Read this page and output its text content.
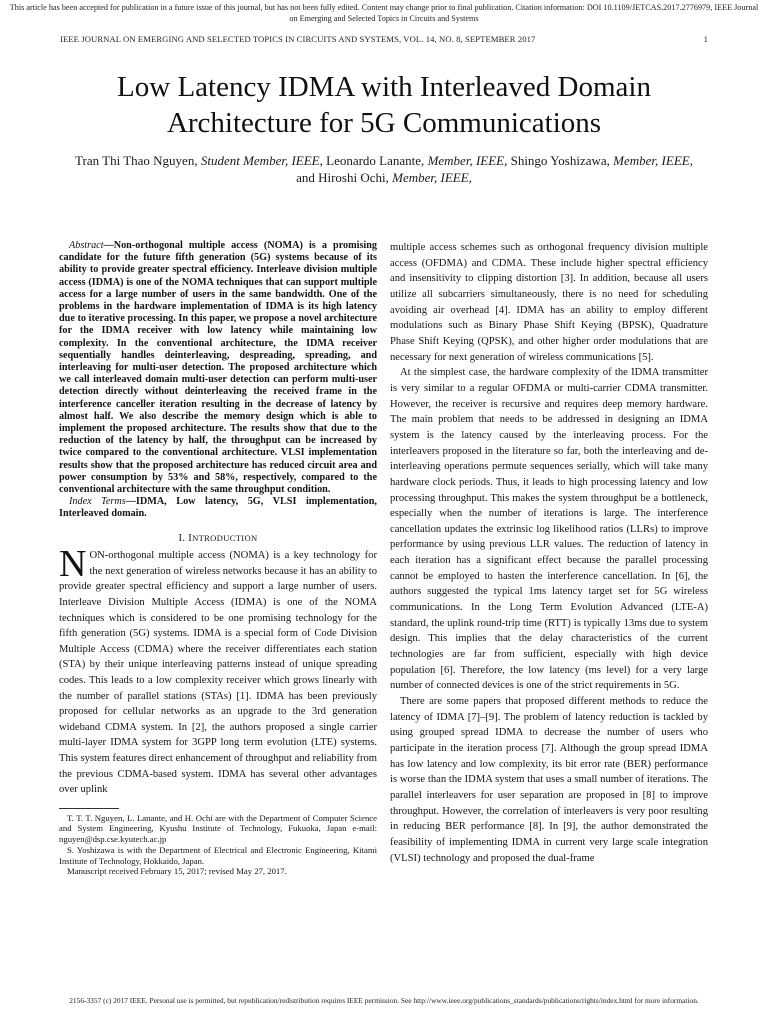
This article has been accepted for publication in a future issue of this journal, but has not been fully edited. Content may change prior to final publication. Citation information: DOI 10.1109/JETCAS.2017.2776979, IEEE Journal
on Emerging and Selected Topics in Circuits and Systems
IEEE JOURNAL ON EMERGING AND SELECTED TOPICS IN CIRCUITS AND SYSTEMS, VOL. 14, NO. 8, SEPTEMBER 2017	1
Low Latency IDMA with Interleaved Domain
Architecture for 5G Communications
Tran Thi Thao Nguyen, Student Member, IEEE, Leonardo Lanante, Member, IEEE, Shingo Yoshizawa, Member, IEEE, and Hiroshi Ochi, Member, IEEE,

Abstract—Non-orthogonal multiple access (NOMA) is a promising candidate for the future fifth generation (5G) systems because of its ability to provide greater spectral efficiency. Interleave division multiple access (IDMA) is one of the NOMA techniques that can support multiple access for a large number of users in the same bandwidth. One of the problems in the hardware implementation of IDMA is its high latency due to iterative processing. In this paper, we propose a novel architecture for the IDMA receiver with low latency while maintaining low complexity. In the conventional architecture, the IDMA receiver sequentially handles deinterleaving, despreading, spreading, and interleaving for multi-user detection. The proposed architecture which we call interleaved domain multi-user detection can perform multi-user detection directly without deinterleaving the received frame in the interference canceller iteration resulting in the decrease of latency by almost half. We also describe the memory design which is able to implement the proposed architecture. The results show that due to the reduction of the latency by half, the throughput can be increased by twice compared to the conventional architecture. VLSI implementation results show that the proposed architecture has reduced circuit area and power consumption by 53% and 58%, respectively, compared to the conventional architecture with the same throughput condition.

Index Terms—IDMA, Low latency, 5G, VLSI implementation, Interleaved domain.

I. INTRODUCTION

NON-orthogonal multiple access (NOMA) is a key technology for the next generation of wireless networks because it has an ability to provide greater spectral efficiency and support a large number of users. Interleave Division Multiple Access (IDMA) is one of the NOMA techniques which is considered to be one promising technology for the fifth generation (5G) systems. IDMA is a special form of Code Division Multiple Access (CDMA) where the receiver differentiates each station (STA) by their unique interleaving patterns instead of unique spreading codes. This leads to a low complexity receiver which grows linearly with the number of parallel stations (STAs) [1]. IDMA has been previously proposed for cellular networks as an upgrade to the 3rd generation wideband CDMA system. In [2], the authors proposed a single carrier multi-layer IDMA system for 3GPP long term evolution (LTE) systems. This system features direct enhancement of throughput and reliability from the previous CDMA-based system. IDMA has several other advantages over uplink

T. T. T. Nguyen, L. Lanante, and H. Ochi are with the Department of Computer Science and System Engineering, Kyushu Institute of Technology, Fukuoka, Japan e-mail: nguyen@dsp.cse.kyutech.ac.jp

S. Yoshizawa is with the Department of Electrical and Electronic Engineering, Kitami Institute of Technology, Hokkaido, Japan.

Manuscript received February 15, 2017; revised May 27, 2017.

multiple access schemes such as orthogonal frequency division multiple access (OFDMA) and CDMA. These include higher spectral efficiency and insensitivity to clipping distortion [3]. In addition, because all users utilize all subcarriers simultaneously, there is no need for scheduling avoiding air overhead [4]. IDMA has an ability to employ different modulations such as Binary Phase Shift Keying (BPSK), Quadrature Phase Shift Keying (QPSK), and other higher order modulations that are necessary for next generation of wireless communications [5].

At the simplest case, the hardware complexity of the IDMA transmitter is very similar to a regular OFDMA or multi-carrier CDMA transmitter. However, the receiver is recursive and requires deep memory hardware. The main problem that needs to be addressed in designing an IDMA system is the latency caused by the interleaving process. For the interleavers proposed in the literature so far, both the interleaving and de-interleaving operations permute sequences serially, which will take many hardware clock periods. Thus, it leads to high processing latency and low processing throughput. This makes the system throughput be a bottleneck, especially when the number of iterations is large. The interference cancellation updates the extrinsic log likelihood ratios (LLRs) to improve performance by using previous LLR values. The reduction of latency in each iteration has a significant effect because the parallel processing cannot be employed to hasten the interference cancellation. In [6], the authors suggested the typical 1ms latency target set for 5G wireless communications. In the Long Term Evolution Advanced (LTE-A) standard, the uplink round-trip time (RTT) is typically 13ms due to system design. This implies that the delay characteristics of the current technologies are far from sufficient, especially with high device population [6]. Therefore, the low latency (ms level) for a very large number of connected devices is one of the strict requirements in 5G.

There are some papers that proposed different methods to reduce the latency of IDMA [7]–[9]. The problem of latency reduction is tackled by using grouped spread IDMA to decrease the number of users who participate in the iteration process [7]. Although the group spread IDMA has low latency and low complexity, its bit error rate (BER) performance is worse than the IDMA system that uses a small number of iterations. The parallel interleavers for user separation are proposed in [8] to improve throughput. However, the correlation of interleavers is very poor resulting in reducing BER performance [8]. In [9], the author demonstrated the feasibility of implementing IDMA in current very large scale integration (VLSI) technology and proposed the dual-frame

2156-3357 (c) 2017 IEEE. Personal use is permitted, but republication/redistribution requires IEEE permission. See http://www.ieee.org/publications_standards/publications/rights/index.html for more information.
